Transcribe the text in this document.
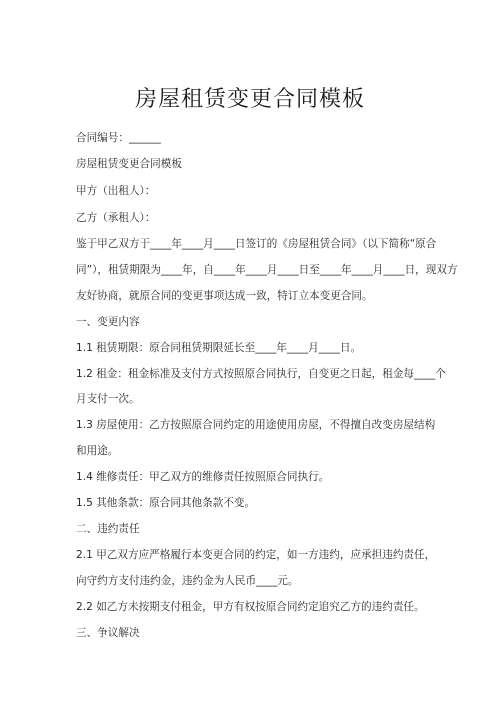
房屋租赁变更合同模板
合同编号：______
房屋租赁变更合同模板
甲方（出租人）：
乙方（承租人）：
鉴于甲乙双方于____年____月____日签订的《房屋租赁合同》（以下简称“原合
同”），租赁期限为____年，自____年____月____日至____年____月____日，现双方
友好协商，就原合同的变更事项达成一致，特订立本变更合同。
一、变更内容
1.1 租赁期限：原合同租赁期限延长至____年____月____日。
1.2 租金：租金标准及支付方式按照原合同执行，自变更之日起，租金每____个
月支付一次。
1.3 房屋使用：乙方按照原合同约定的用途使用房屋，不得擅自改变房屋结构
和用途。
1.4 维修责任：甲乙双方的维修责任按照原合同执行。
1.5 其他条款：原合同其他条款不变。
二、违约责任
2.1 甲乙双方应严格履行本变更合同的约定，如一方违约，应承担违约责任，
向守约方支付违约金，违约金为人民币____元。
2.2 如乙方未按期支付租金，甲方有权按原合同约定追究乙方的违约责任。
三、争议解决
